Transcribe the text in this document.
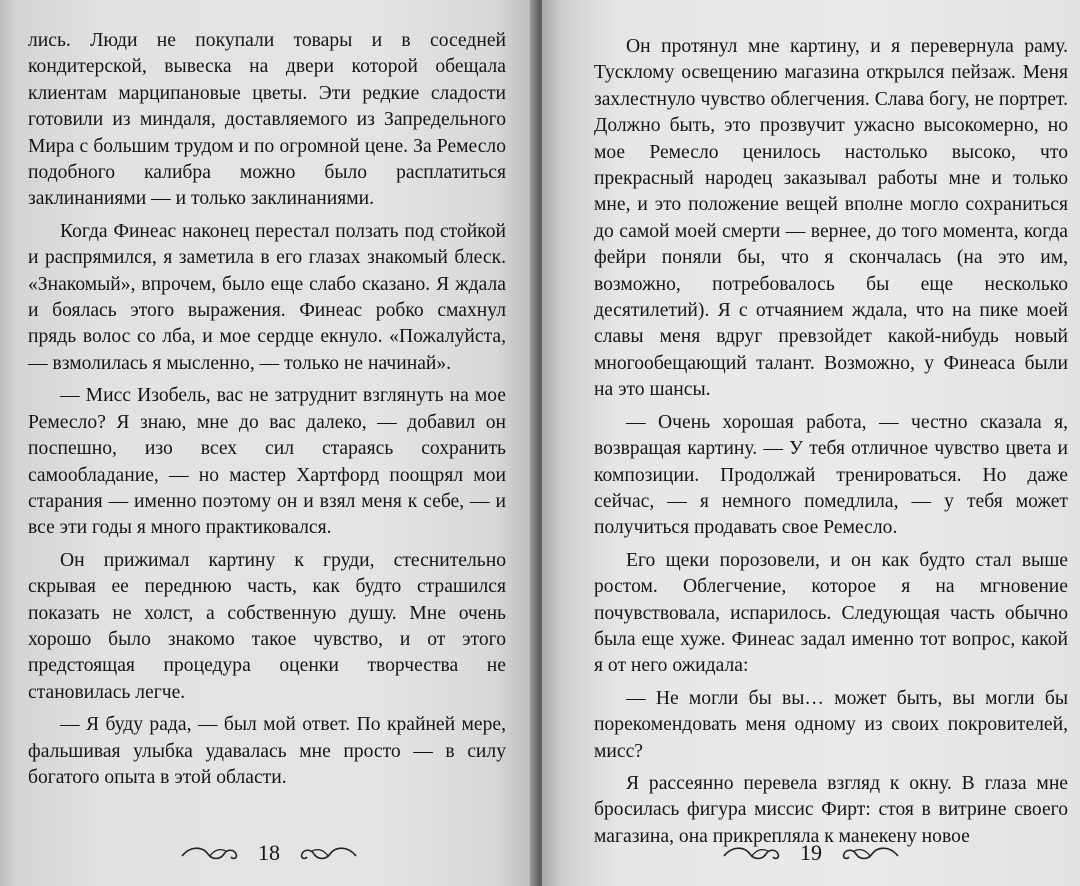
лись. Люди не покупали товары и в соседней кондитерской, вывеска на двери которой обещала клиентам марципановые цветы. Эти редкие сладости готовили из миндаля, доставляемого из Запредельного Мира с большим трудом и по огромной цене. За Ремесло подобного калибра можно было расплатиться заклинаниями — и только заклинаниями.

Когда Финеас наконец перестал ползать под стойкой и распрямился, я заметила в его глазах знакомый блеск. «Знакомый», впрочем, было еще слабо сказано. Я ждала и боялась этого выражения. Финеас робко смахнул прядь волос со лба, и мое сердце екнуло. «Пожалуйста, — взмолилась я мысленно, — только не начинай».

— Мисс Изобель, вас не затруднит взглянуть на мое Ремесло? Я знаю, мне до вас далеко, — добавил он поспешно, изо всех сил стараясь сохранить самообладание, — но мастер Хартфорд поощрял мои старания — именно поэтому он и взял меня к себе, — и все эти годы я много практиковался.

Он прижимал картину к груди, стеснительно скрывая ее переднюю часть, как будто страшился показать не холст, а собственную душу. Мне очень хорошо было знакомо такое чувство, и от этого предстоящая процедура оценки творчества не становилась легче.

— Я буду рада, — был мой ответ. По крайней мере, фальшивая улыбка удавалась мне просто — в силу богатого опыта в этой области.

18

Он протянул мне картину, и я перевернула раму. Тусклому освещению магазина открылся пейзаж. Меня захлестнуло чувство облегчения. Слава богу, не портрет. Должно быть, это прозвучит ужасно высокомерно, но мое Ремесло ценилось настолько высоко, что прекрасный народец заказывал работы мне и только мне, и это положение вещей вполне могло сохраниться до самой моей смерти — вернее, до того момента, когда фейри поняли бы, что я скончалась (на это им, возможно, потребовалось бы еще несколько десятилетий). Я с отчаянием ждала, что на пике моей славы меня вдруг превзойдет какой-нибудь новый многообещающий талант. Возможно, у Финеаса были на это шансы.

— Очень хорошая работа, — честно сказала я, возвращая картину. — У тебя отличное чувство цвета и композиции. Продолжай тренироваться. Но даже сейчас, — я немного помедлила, — у тебя может получиться продавать свое Ремесло.

Его щеки порозовели, и он как будто стал выше ростом. Облегчение, которое я на мгновение почувствовала, испарилось. Следующая часть обычно была еще хуже. Финеас задал именно тот вопрос, какой я от него ожидала:

— Не могли бы вы… может быть, вы могли бы порекомендовать меня одному из своих покровителей, мисс?

Я рассеянно перевела взгляд к окну. В глаза мне бросилась фигура миссис Фирт: стоя в витрине своего магазина, она прикрепляла к манекену новое

19
